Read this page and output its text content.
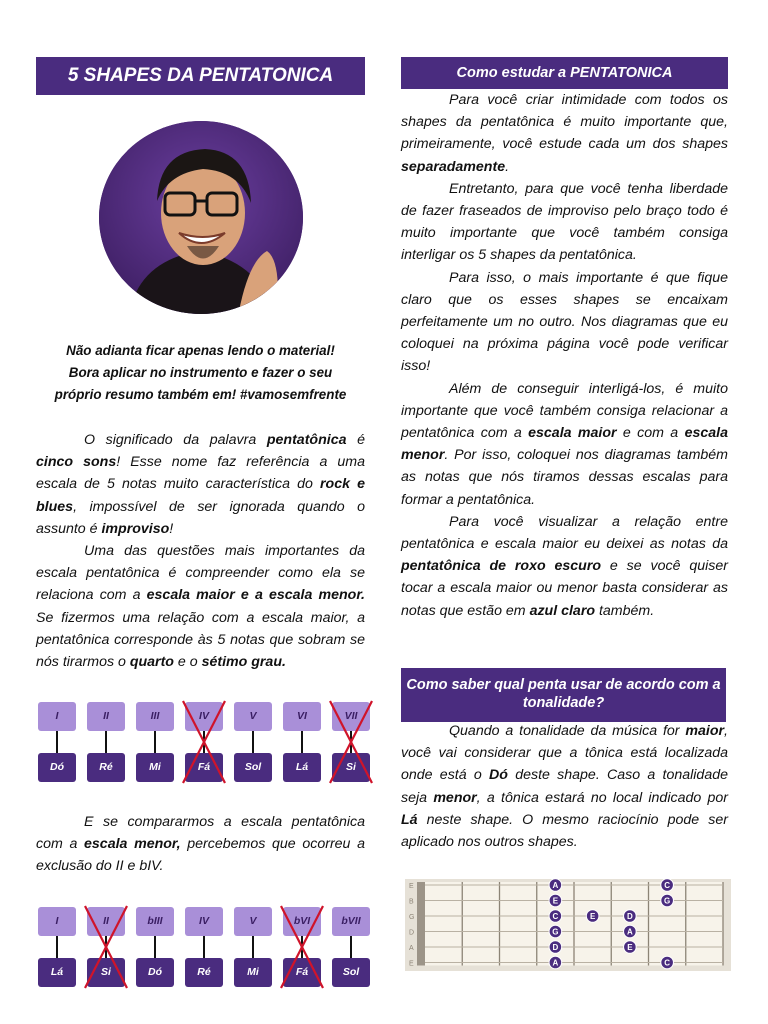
5 SHAPES DA PENTATONICA
Não adianta ficar apenas lendo o material!
Bora aplicar no instrumento e fazer o seu
próprio resumo também em! #vamosemfrente

O significado da palavra pentatônica é cinco sons! Esse nome faz referência a uma escala de 5 notas muito característica do rock e blues, impossível de ser ignorada quando o assunto é improviso!

Uma das questões mais importantes da escala pentatônica é compreender como ela se relaciona com a escala maior e a escala menor. Se fizermos uma relação com a escala maior, a pentatônica corresponde às 5 notas que sobram se nós tirarmos o quarto e o sétimo grau.

I
Dó
II
Ré
III
Mi
IV
Fá
V
Sol
VI
Lá
VII
Si

E se compararmos a escala pentatônica com a escala menor, percebemos que ocorreu a exclusão do II e bIV.

I
Lá
II
Si
bIII
Dó
IV
Ré
V
Mi
bVI
Fá
bVII
Sol
Como estudar a PENTATONICA

Para você criar intimidade com todos os shapes da pentatônica é muito importante que, primeiramente, você estude cada um dos shapes separadamente.

Entretanto, para que você tenha liberdade de fazer fraseados de improviso pelo braço todo é muito importante que você também consiga interligar os 5 shapes da pentatônica.

Para isso, o mais importante é que fique claro que os esses shapes se encaixam perfeitamente um no outro. Nos diagramas que eu coloquei na próxima página você pode verificar isso!

Além de conseguir interligá-los, é muito importante que você também consiga relacionar a pentatônica com a escala maior e com a escala menor. Por isso, coloquei nos diagramas também as notas que nós tiramos dessas escalas para formar a pentatônica.

Para você visualizar a relação entre pentatônica e escala maior eu deixei as notas da pentatônica de roxo escuro e se você quiser tocar a escala maior ou menor basta considerar as notas que estão em azul claro também.

Como saber qual penta usar de acordo com a tonalidade?

Quando a tonalidade da música for maior, você vai considerar que a tônica está localizada onde está o Dó deste shape. Caso a tonalidade seja menor, a tônica estará no local indicado por Lá neste shape. O mesmo raciocínio pode ser aplicado nos outros shapes.

E
B
G
D
A
E
A
E
C
G
D
A
E	D
A
E
C
G
C
